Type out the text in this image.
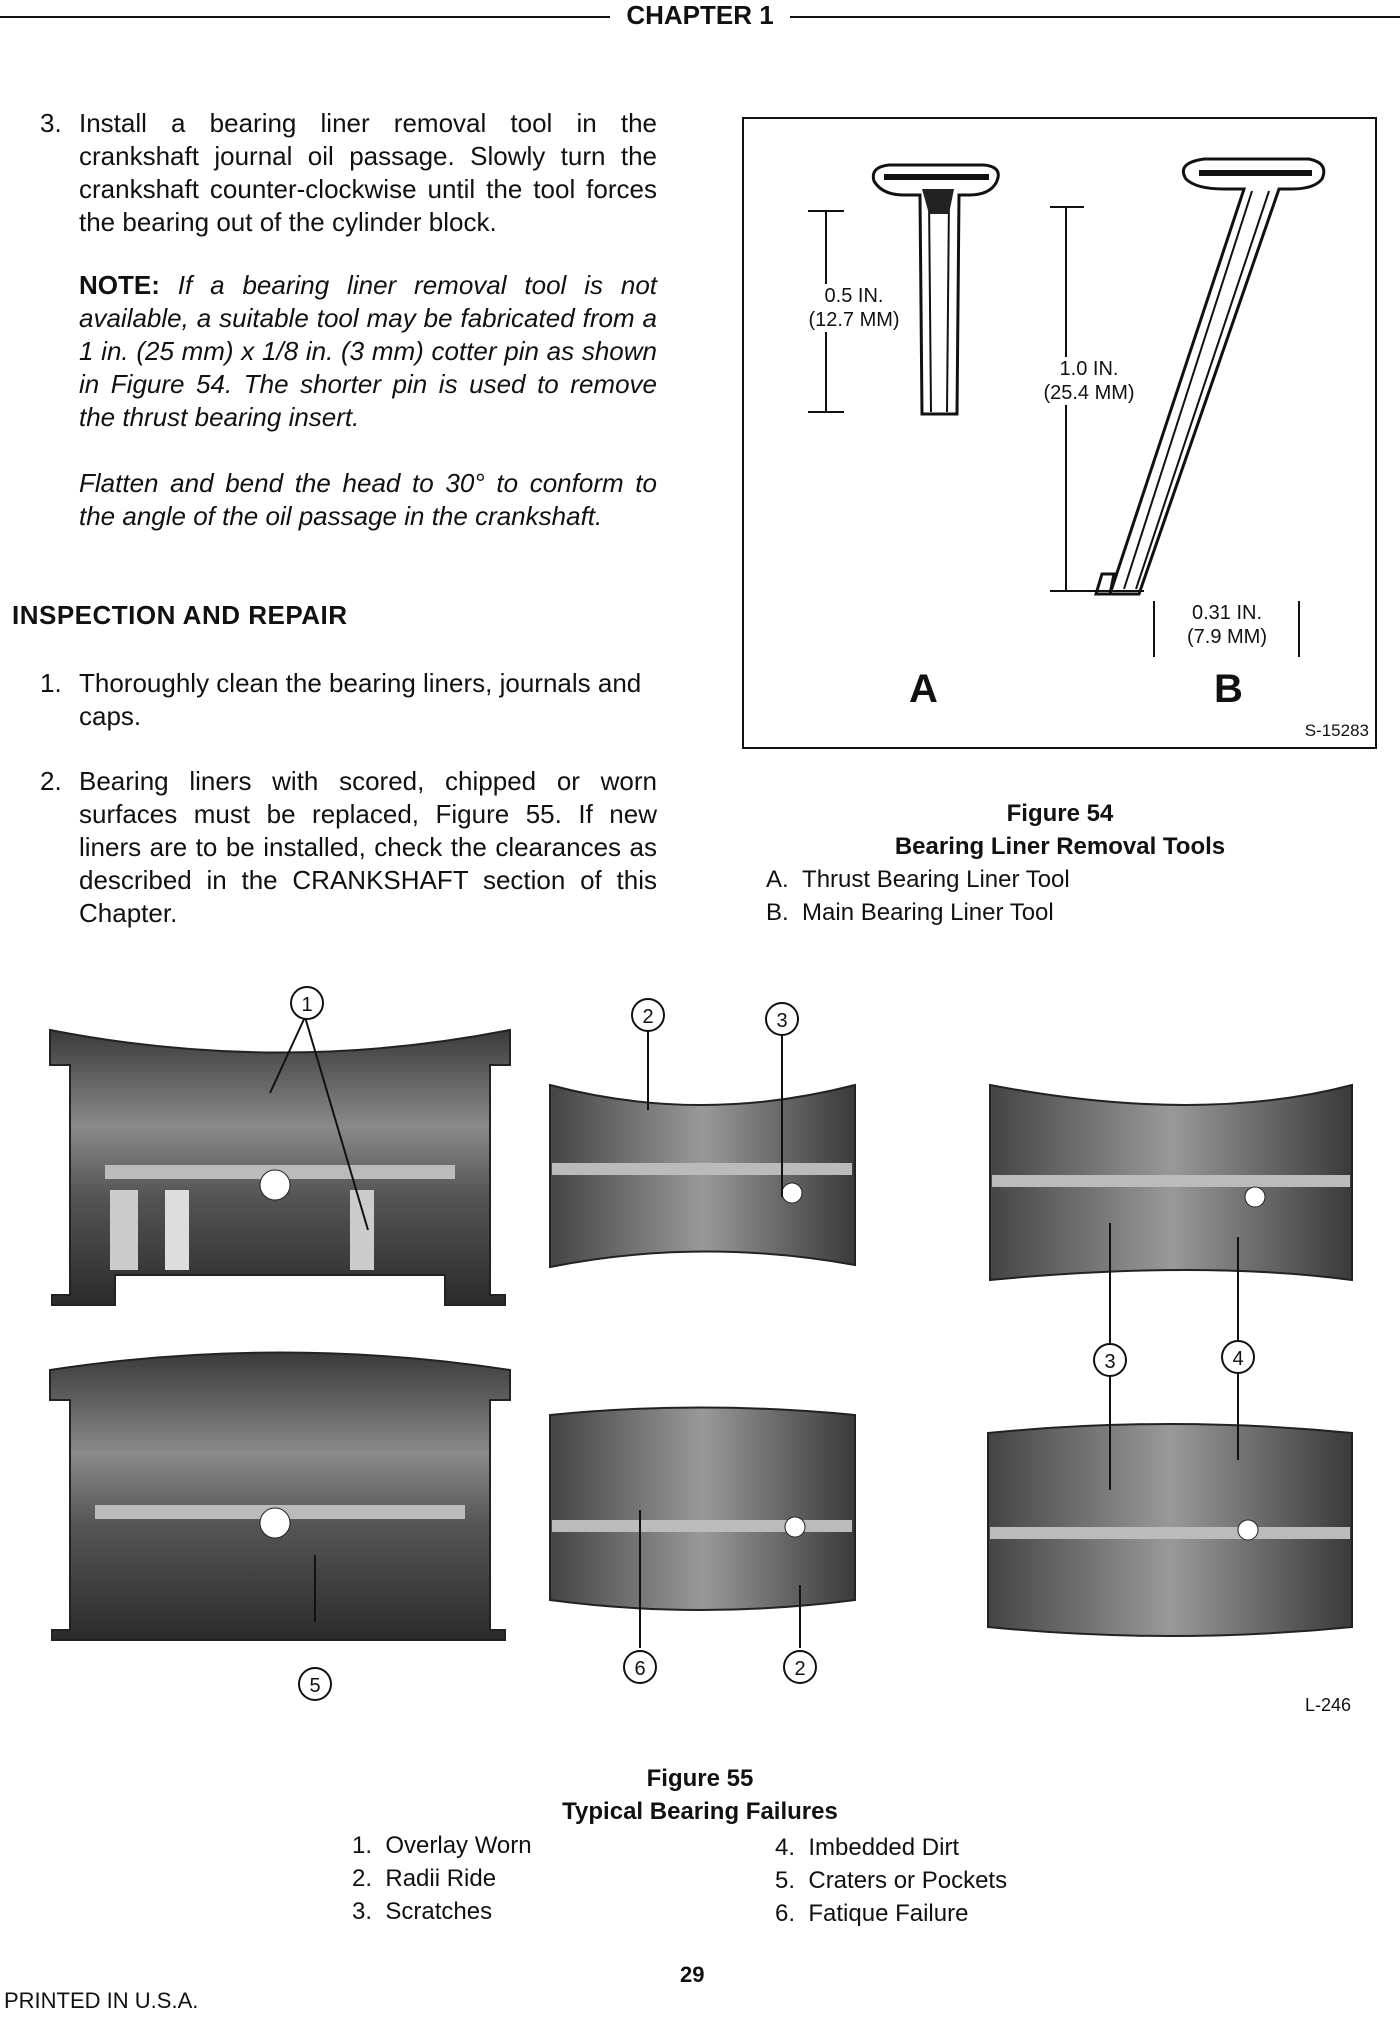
CHAPTER 1
3. Install a bearing liner removal tool in the crankshaft journal oil passage. Slowly turn the crankshaft counter-clockwise until the tool forces the bearing out of the cylinder block.
NOTE: If a bearing liner removal tool is not available, a suitable tool may be fabricated from a 1 in. (25 mm) x 1/8 in. (3 mm) cotter pin as shown in Figure 54. The shorter pin is used to remove the thrust bearing insert.
Flatten and bend the head to 30° to conform to the angle of the oil passage in the crankshaft.
INSPECTION AND REPAIR
1. Thoroughly clean the bearing liners, journals and caps.
2. Bearing liners with scored, chipped or worn surfaces must be replaced, Figure 55. If new liners are to be installed, check the clearances as described in the CRANKSHAFT section of this Chapter.
0.5 IN.
(12.7 MM)
1.0 IN.
(25.4 MM)
0.31 IN.
(7.9 MM)
A	B
S-15283
Figure 54
Bearing Liner Removal Tools
A. Thrust Bearing Liner Tool
B. Main Bearing Liner Tool
1
2	3
3	4
5
6	2
L-246
Figure 55
Typical Bearing Failures
1. Overlay Worn
2. Radii Ride
3. Scratches
4. Imbedded Dirt
5. Craters or Pockets
6. Fatique Failure
29
PRINTED IN U.S.A.
